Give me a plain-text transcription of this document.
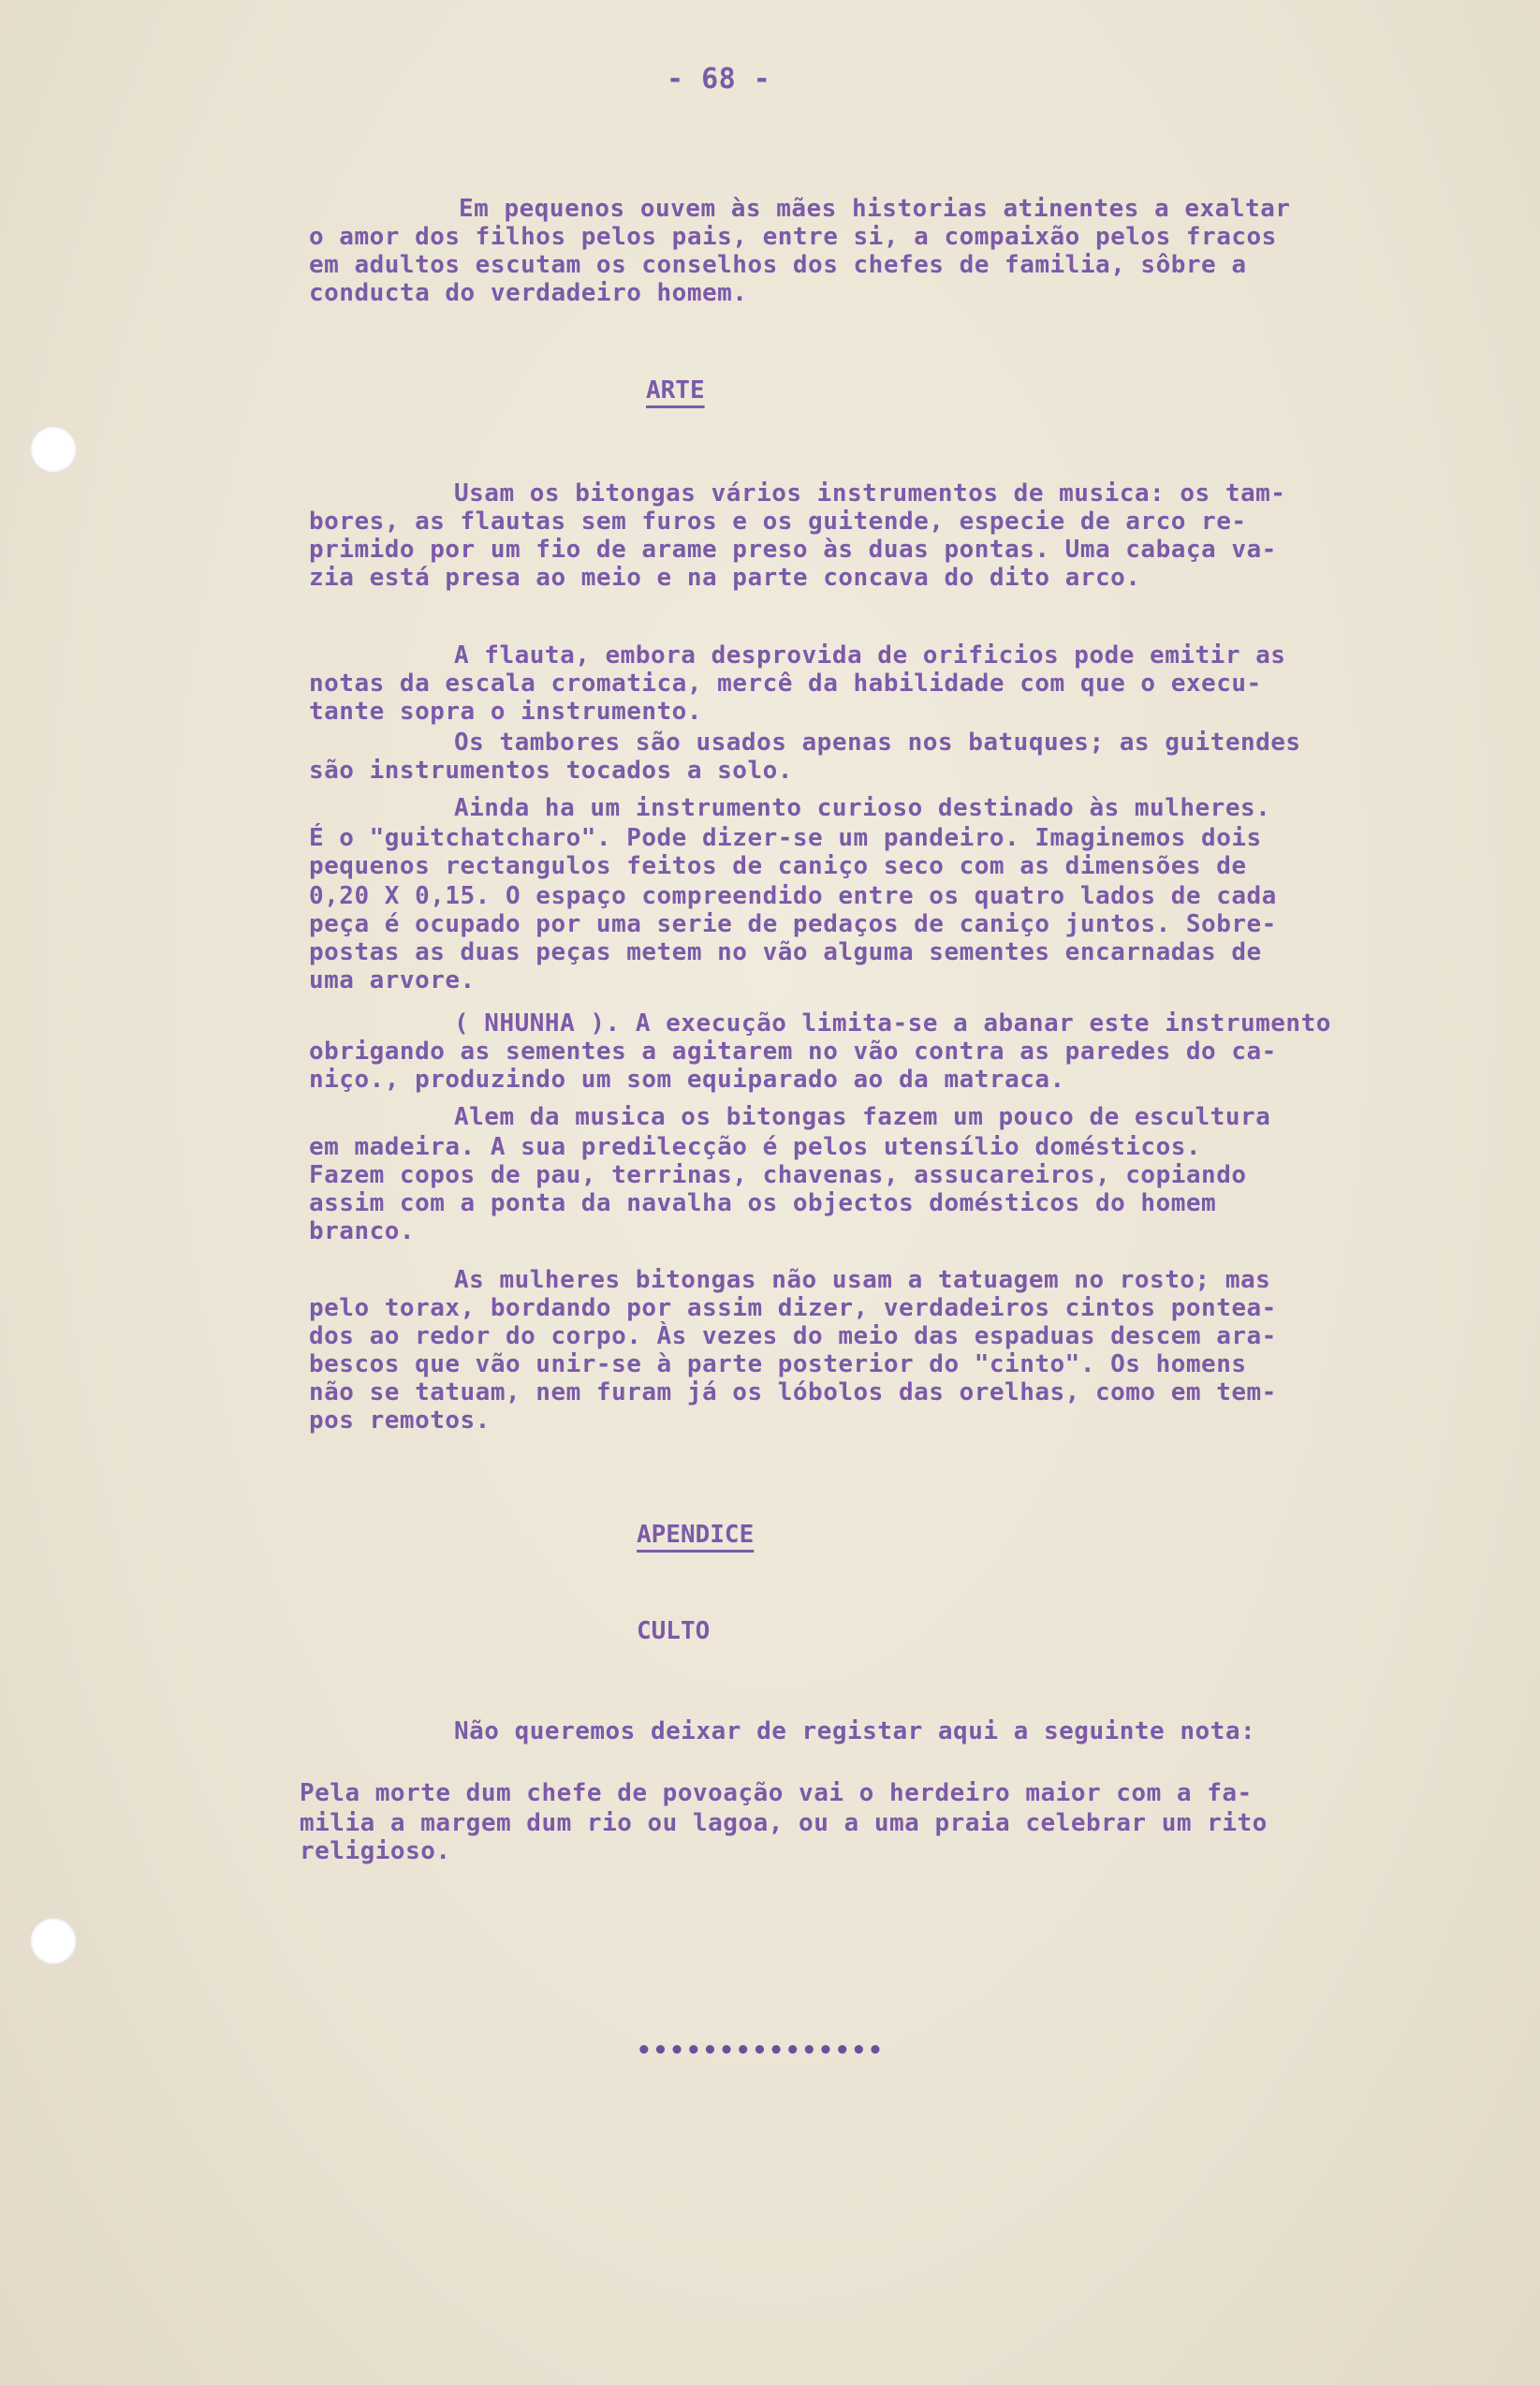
- 68 -
Em pequenos ouvem às mães historias atinentes a exaltar
o amor dos filhos pelos pais, entre si, a compaixão pelos fracos
em adultos escutam os conselhos dos chefes de familia, sôbre a
conducta do verdadeiro homem.
ARTE
Usam os bitongas vários instrumentos de musica: os tam-
bores, as flautas sem furos e os guitende, especie de arco re-
primido por um fio de arame preso às duas pontas. Uma cabaça va-
zia está presa ao meio e na parte concava do dito arco.
A flauta, embora desprovida de orificios pode emitir as
notas da escala cromatica, mercê da habilidade com que o execu-
tante sopra o instrumento.
Os tambores são usados apenas nos batuques; as guitendes
são instrumentos tocados a solo.
Ainda ha um instrumento curioso destinado às mulheres.
É o "guitchatcharo". Pode dizer-se um pandeiro. Imaginemos dois
pequenos rectangulos feitos de caniço seco com as dimensões de
0,20 X 0,15. O espaço compreendido entre os quatro lados de cada
peça é ocupado por uma serie de pedaços de caniço juntos. Sobre-
postas as duas peças metem no vão alguma sementes encarnadas de
uma arvore.
( NHUNHA ). A execução limita-se a abanar este instrumento
obrigando as sementes a agitarem no vão contra as paredes do ca-
niço., produzindo um som equiparado ao da matraca.
Alem da musica os bitongas fazem um pouco de escultura
em madeira. A sua predilecção é pelos utensílio domésticos.
Fazem copos de pau, terrinas, chavenas, assucareiros, copiando
assim com a ponta da navalha os objectos domésticos do homem
branco.
As mulheres bitongas não usam a tatuagem no rosto; mas
pelo torax, bordando por assim dizer, verdadeiros cintos pontea-
dos ao redor do corpo. Às vezes do meio das espaduas descem ara-
bescos que vão unir-se à parte posterior do "cinto". Os homens
não se tatuam, nem furam já os lóbolos das orelhas, como em tem-
pos remotos.
APENDICE
CULTO
Não queremos deixar de registar aqui a seguinte nota:
Pela morte dum chefe de povoação vai o herdeiro maior com a fa-
milia a margem dum rio ou lagoa, ou a uma praia celebrar um rito
religioso.
•••••••••••••••
